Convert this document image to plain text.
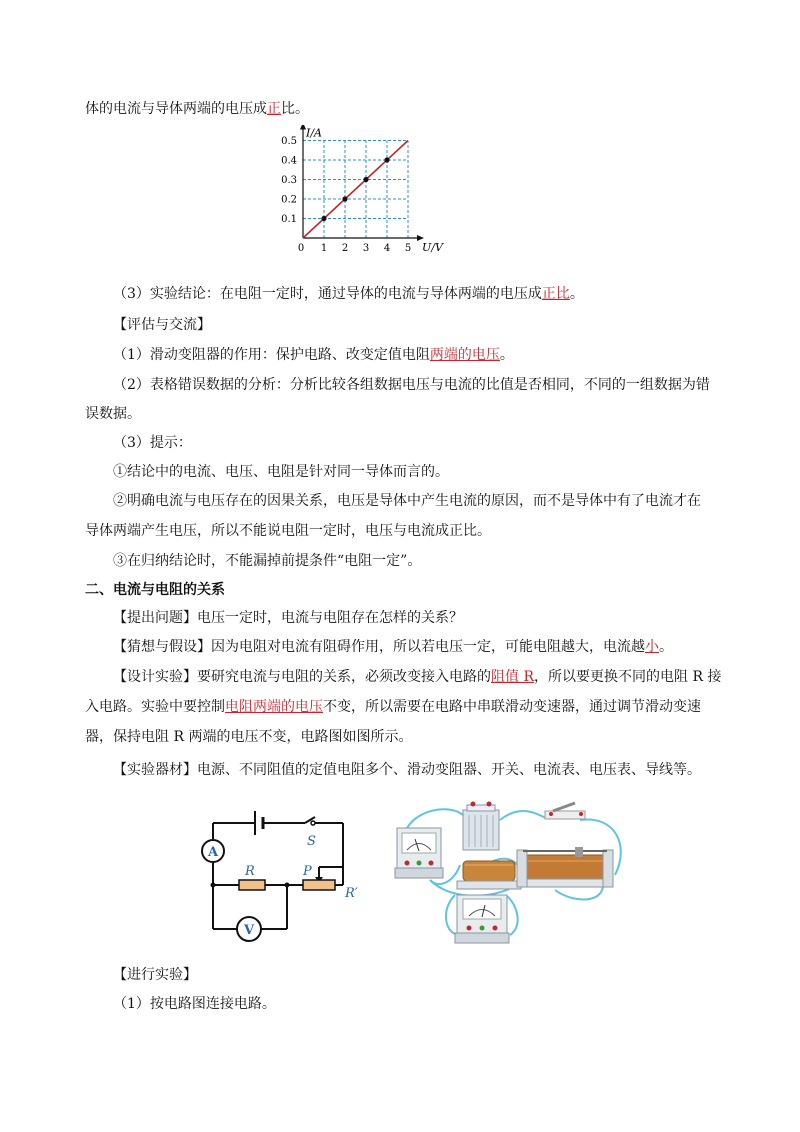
体的电流与导体两端的电压成正比。
1 2 3 4 5
0.1
0.2
0.3
0.4
0.5
0
I/A
U/V
（3）实验结论：在电阻一定时，通过导体的电流与导体两端的电压成正比。
【评估与交流】
（1）滑动变阻器的作用：保护电路、改变定值电阻两端的电压。
（2）表格错误数据的分析：分析比较各组数据电压与电流的比值是否相同，不同的一组数据为错
误数据。
（3）提示：
①结论中的电流、电压、电阻是针对同一导体而言的。
②明确电流与电压存在的因果关系，电压是导体中产生电流的原因，而不是导体中有了电流才在
导体两端产生电压，所以不能说电阻一定时，电压与电流成正比。
③在归纳结论时，不能漏掉前提条件“电阻一定”。
二、电流与电阻的关系
【提出问题】电压一定时，电流与电阻存在怎样的关系？
【猜想与假设】因为电阻对电流有阻碍作用，所以若电压一定，可能电阻越大，电流越小。
【设计实验】要研究电流与电阻的关系，必须改变接入电路的阻值 R，所以要更换不同的电阻 R 接
入电路。实验中要控制电阻两端的电压不变，所以需要在电路中串联滑动变速器，通过调节滑动变速
器，保持电阻 R 两端的电压不变，电路图如图所示。
【实验器材】电源、不同阻值的定值电阻多个、滑动变阻器、开关、电流表、电压表、导线等。
A
V
S
R	P
R′
【进行实验】
（1）按电路图连接电路。
